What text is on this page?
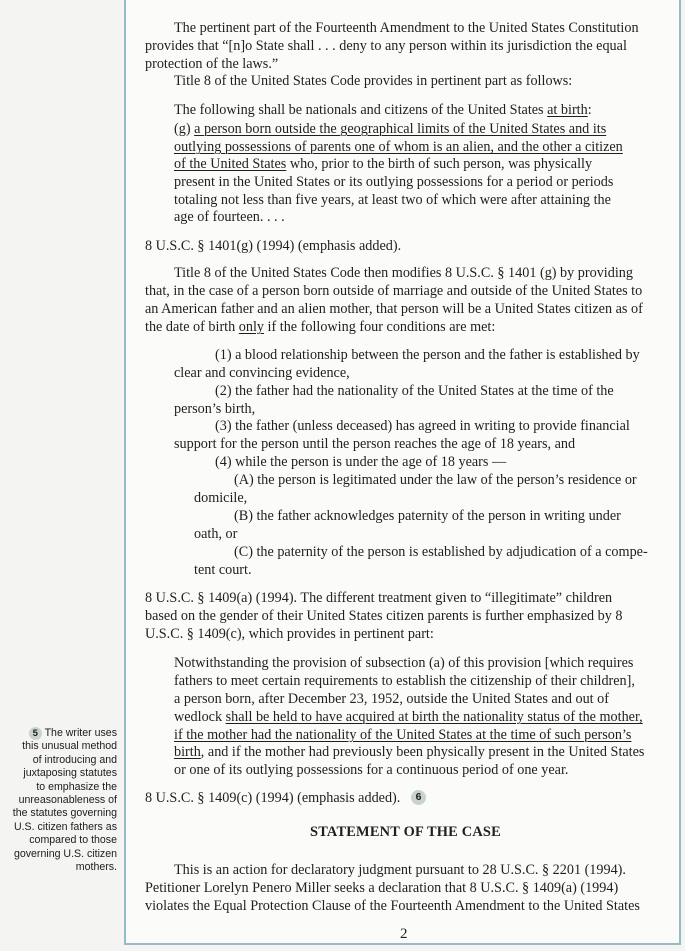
The pertinent part of the Fourteenth Amendment to the United States Constitution
provides that “[n]o State shall . . . deny to any person within its jurisdiction the equal
protection of the laws.”
Title 8 of the United States Code provides in pertinent part as follows:
The following shall be nationals and citizens of the United States at birth:
(g) a person born outside the geographical limits of the United States and its
outlying possessions of parents one of whom is an alien, and the other a citizen
of the United States who, prior to the birth of such person, was physically
present in the United States or its outlying possessions for a period or periods
totaling not less than five years, at least two of which were after attaining the
age of fourteen. . . .
8 U.S.C. § 1401(g) (1994) (emphasis added).
Title 8 of the United States Code then modifies 8 U.S.C. § 1401 (g) by providing
that, in the case of a person born outside of marriage and outside of the United States to
an American father and an alien mother, that person will be a United States citizen as of
the date of birth only if the following four conditions are met:
(1) a blood relationship between the person and the father is established by
clear and convincing evidence,
(2) the father had the nationality of the United States at the time of the
person’s birth,
(3) the father (unless deceased) has agreed in writing to provide financial
support for the person until the person reaches the age of 18 years, and
(4) while the person is under the age of 18 years —
(A) the person is legitimated under the law of the person’s residence or
domicile,
(B) the father acknowledges paternity of the person in writing under
oath, or
(C) the paternity of the person is established by adjudication of a compe-
tent court.
8 U.S.C. § 1409(a) (1994). The different treatment given to “illegitimate” children
based on the gender of their United States citizen parents is further emphasized by 8
U.S.C. § 1409(c), which provides in pertinent part:
Notwithstanding the provision of subsection (a) of this provision [which requires
fathers to meet certain requirements to establish the citizenship of their children],
a person born, after December 23, 1952, outside the United States and out of
wedlock shall be held to have acquired at birth the nationality status of the mother,
if the mother had the nationality of the United States at the time of such person’s
birth, and if the mother had previously been physically present in the United States
or one of its outlying possessions for a continuous period of one year.
8 U.S.C. § 1409(c) (1994) (emphasis added).
This is an action for declaratory judgment pursuant to 28 U.S.C. § 2201 (1994).
Petitioner Lorelyn Penero Miller seeks a declaration that 8 U.S.C. § 1409(a) (1994)
violates the Equal Protection Clause of the Fourteenth Amendment to the United States
STATEMENT OF THE CASE
6
2
5 The writer uses
this unusual method
of introducing and
juxtaposing statutes
to emphasize the
unreasonableness of
the statutes governing
U.S. citizen fathers as
compared to those
governing U.S. citizen
mothers.
